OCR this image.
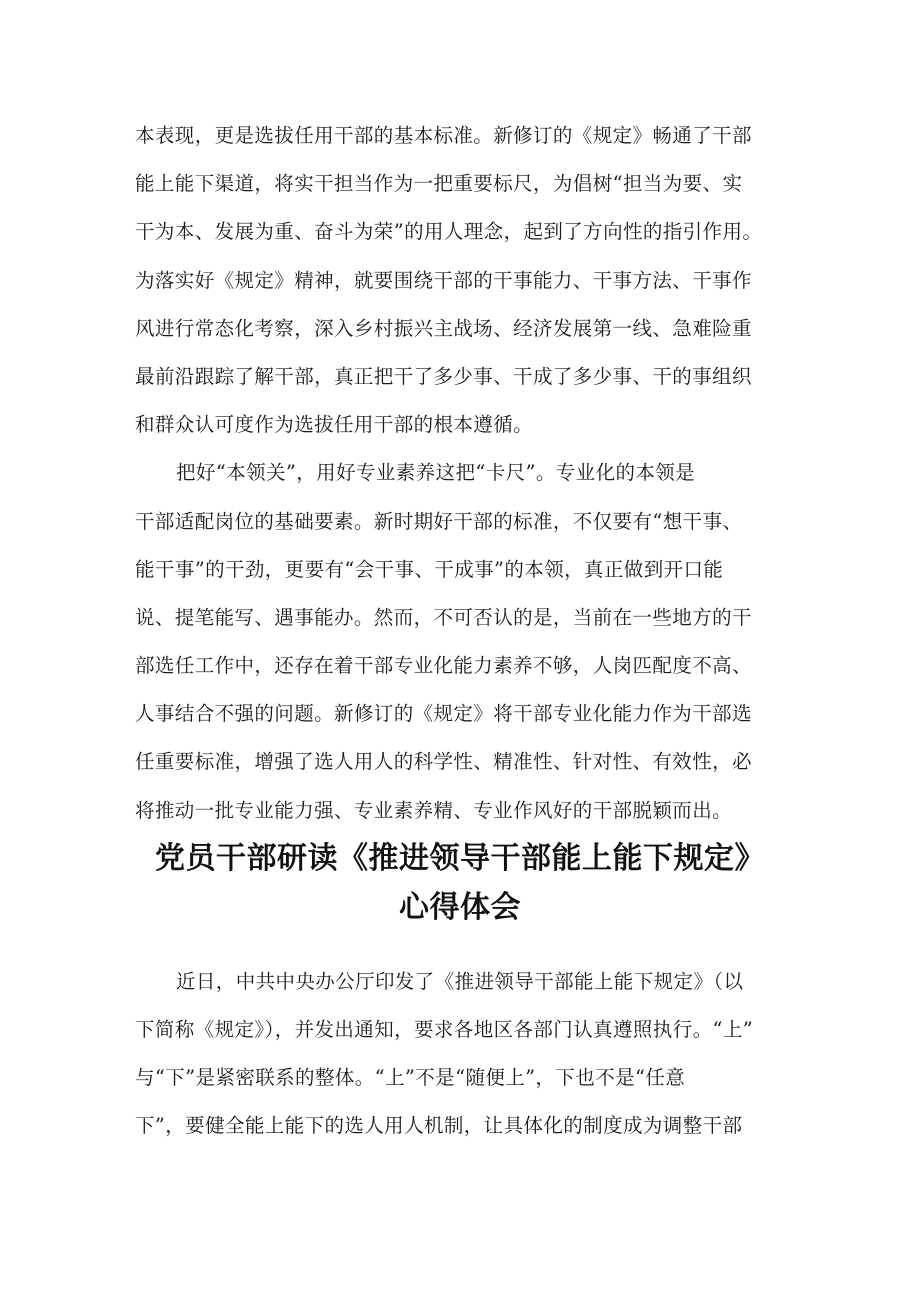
本表现，更是选拔任用干部的基本标准。新修订的《规定》畅通了干部
能上能下渠道，将实干担当作为一把重要标尺，为倡树“担当为要、实
干为本、发展为重、奋斗为荣”的用人理念，起到了方向性的指引作用。
为落实好《规定》精神，就要围绕干部的干事能力、干事方法、干事作
风进行常态化考察，深入乡村振兴主战场、经济发展第一线、急难险重
最前沿跟踪了解干部，真正把干了多少事、干成了多少事、干的事组织
和群众认可度作为选拔任用干部的根本遵循。
把好“本领关”，用好专业素养这把“卡尺”。专业化的本领是
干部适配岗位的基础要素。新时期好干部的标准，不仅要有“想干事、
能干事”的干劲，更要有“会干事、干成事”的本领，真正做到开口能
说、提笔能写、遇事能办。然而，不可否认的是，当前在一些地方的干
部选任工作中，还存在着干部专业化能力素养不够，人岗匹配度不高、
人事结合不强的问题。新修订的《规定》将干部专业化能力作为干部选
任重要标准，增强了选人用人的科学性、精准性、针对性、有效性，必
将推动一批专业能力强、专业素养精、专业作风好的干部脱颖而出。
党员干部研读《推进领导干部能上能下规定》
心得体会
近日，中共中央办公厅印发了《推进领导干部能上能下规定》（以
下简称《规定》），并发出通知，要求各地区各部门认真遵照执行。“上”
与“下”是紧密联系的整体。“上”不是“随便上”，下也不是“任意
下”，要健全能上能下的选人用人机制，让具体化的制度成为调整干部
